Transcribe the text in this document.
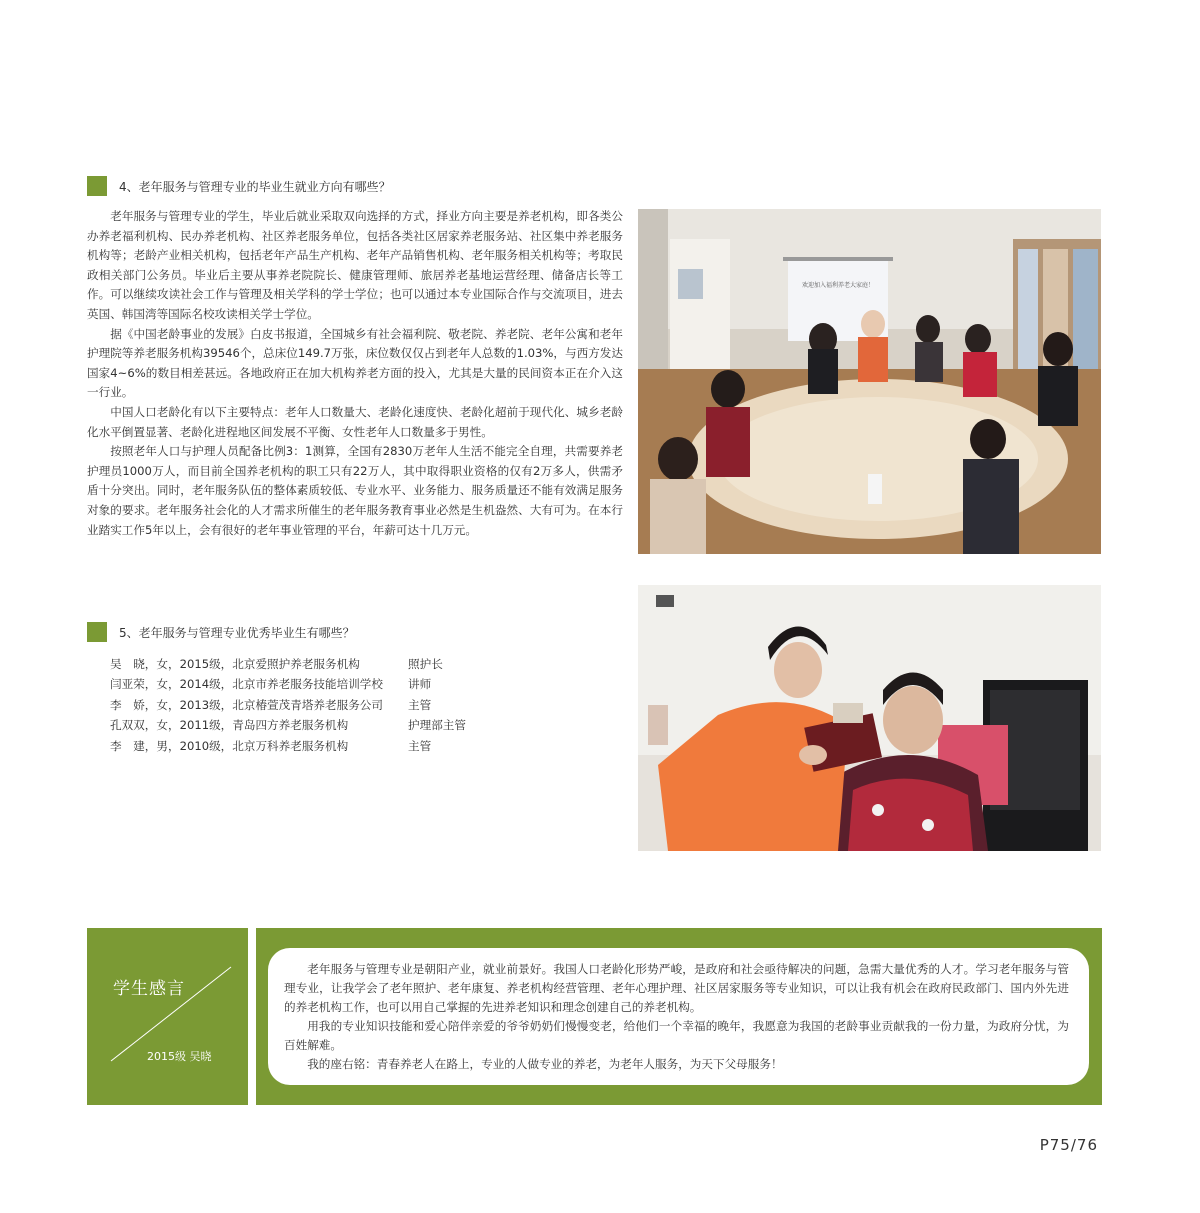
4、老年服务与管理专业的毕业生就业方向有哪些？

老年服务与管理专业的学生，毕业后就业采取双向选择的方式，择业方向主要是养老机构，即各类公办养老福利机构、民办养老机构、社区养老服务单位，包括各类社区居家养老服务站、社区集中养老服务机构等；老龄产业相关机构，包括老年产品生产机构、老年产品销售机构、老年服务相关机构等；考取民政相关部门公务员。毕业后主要从事养老院院长、健康管理师、旅居养老基地运营经理、储备店长等工作。可以继续攻读社会工作与管理及相关学科的学士学位；也可以通过本专业国际合作与交流项目，进去英国、韩国湾等国际名校攻读相关学士学位。

据《中国老龄事业的发展》白皮书报道，全国城乡有社会福利院、敬老院、养老院、老年公寓和老年护理院等养老服务机构39546个，总床位149.7万张，床位数仅仅占到老年人总数的1.03%，与西方发达国家4~6%的数目相差甚远。各地政府正在加大机构养老方面的投入，尤其是大量的民间资本正在介入这一行业。

中国人口老龄化有以下主要特点：老年人口数量大、老龄化速度快、老龄化超前于现代化、城乡老龄化水平倒置显著、老龄化进程地区间发展不平衡、女性老年人口数量多于男性。

按照老年人口与护理人员配备比例3：1测算，全国有2830万老年人生活不能完全自理，共需要养老护理员1000万人，而目前全国养老机构的职工只有22万人，其中取得职业资格的仅有2万多人，供需矛盾十分突出。同时，老年服务队伍的整体素质较低、专业水平、业务能力、服务质量还不能有效满足服务对象的要求。老年服务社会化的人才需求所催生的老年服务教育事业必然是生机盎然、大有可为。在本行业踏实工作5年以上，会有很好的老年事业管理的平台，年薪可达十几万元。

欢迎加入福利养老大家庭！
5、老年服务与管理专业优秀毕业生有哪些？
吴　晓，女，2015级，北京爱照护养老服务机构	照护长
闫亚荣，女，2014级，北京市养老服务技能培训学校	讲师
李　娇，女，2013级，北京椿萱茂青塔养老服务公司	主管
孔双双，女，2011级，青岛四方养老服务机构	护理部主管
李　建，男，2010级，北京万科养老服务机构	主管
学生感言
2015级 吴晓

老年服务与管理专业是朝阳产业，就业前景好。我国人口老龄化形势严峻，是政府和社会亟待解决的问题，急需大量优秀的人才。学习老年服务与管理专业，让我学会了老年照护、老年康复、养老机构经营管理、老年心理护理、社区居家服务等专业知识，可以让我有机会在政府民政部门、国内外先进的养老机构工作，也可以用自己掌握的先进养老知识和理念创建自己的养老机构。

用我的专业知识技能和爱心陪伴亲爱的爷爷奶奶们慢慢变老，给他们一个幸福的晚年，我愿意为我国的老龄事业贡献我的一份力量，为政府分忧，为百姓解难。

我的座右铭：青春养老人在路上，专业的人做专业的养老，为老年人服务，为天下父母服务！

P75/76
